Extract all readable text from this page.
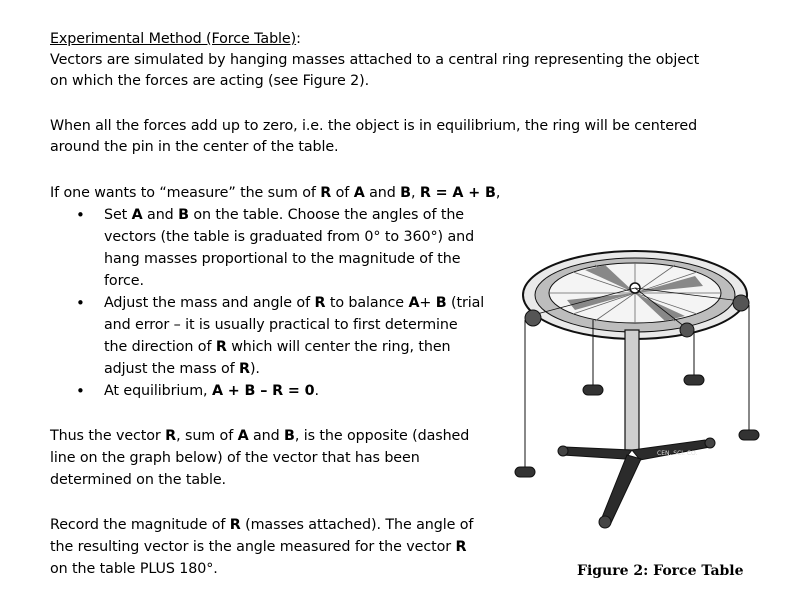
Experimental Method (Force Table):
Vectors are simulated by hanging masses attached to a central ring representing the object
on which the forces are acting (see Figure 2).
When all the forces add up to zero, i.e. the object is in equilibrium, the ring will be centered
around the pin in the center of the table.
If one wants to “measure” the sum of R of A and B, R = A + B,
• Set A and B on the table. Choose the angles of the
vectors (the table is graduated from 0° to 360°) and
hang masses proportional to the magnitude of the
force.
• Adjust the mass and angle of R to balance A+ B (trial
and error – it is usually practical to first determine
the direction of R which will center the ring, then
adjust the mass of R).
• At equilibrium, A + B – R = 0.
Thus the vector R, sum of A and B, is the opposite (dashed
line on the graph below) of the vector that has been
determined on the table.
Record the magnitude of R (masses attached). The angle of
the resulting vector is the angle measured for the vector R
on the table PLUS 180°.
CEN. SCI. CO.
Figure 2: Force Table
